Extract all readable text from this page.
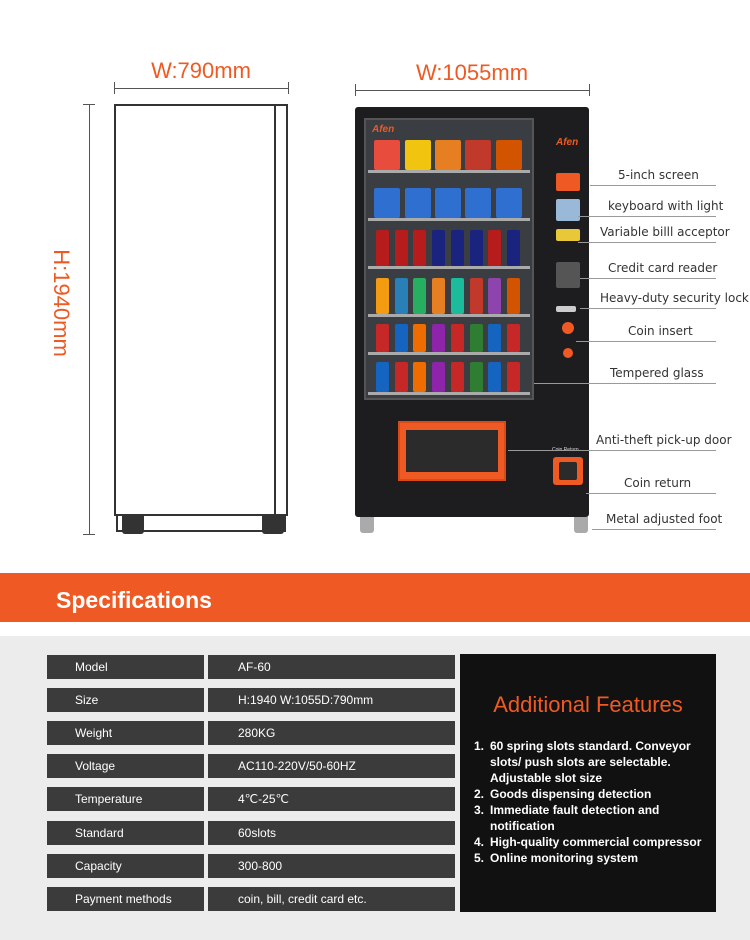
W:790mm	W:1055mm
H:1940mm
Afen
Afen
5-inch screen
keyboard with light
Variable billl acceptor
Credit card reader
Heavy-duty security lock
Coin insert
Tempered glass
Anti-theft pick-up door
Coin return
Metal adjusted foot
Specifications
Model	AF-60
Size	H:1940 W:1055D:790mm
Weight	280KG
Voltage	AC110-220V/50-60HZ
Temperature	4℃-25℃
Standard	60slots
Capacity	300-800
Payment methods	coin, bill, credit card etc.
Additional Features
1. 60 spring slots standard. Conveyor slots/ push slots are selectable. Adjustable slot size
2. Goods dispensing detection
3. Immediate fault detection and notification
4. High-quality commercial compressor
5. Online monitoring system
